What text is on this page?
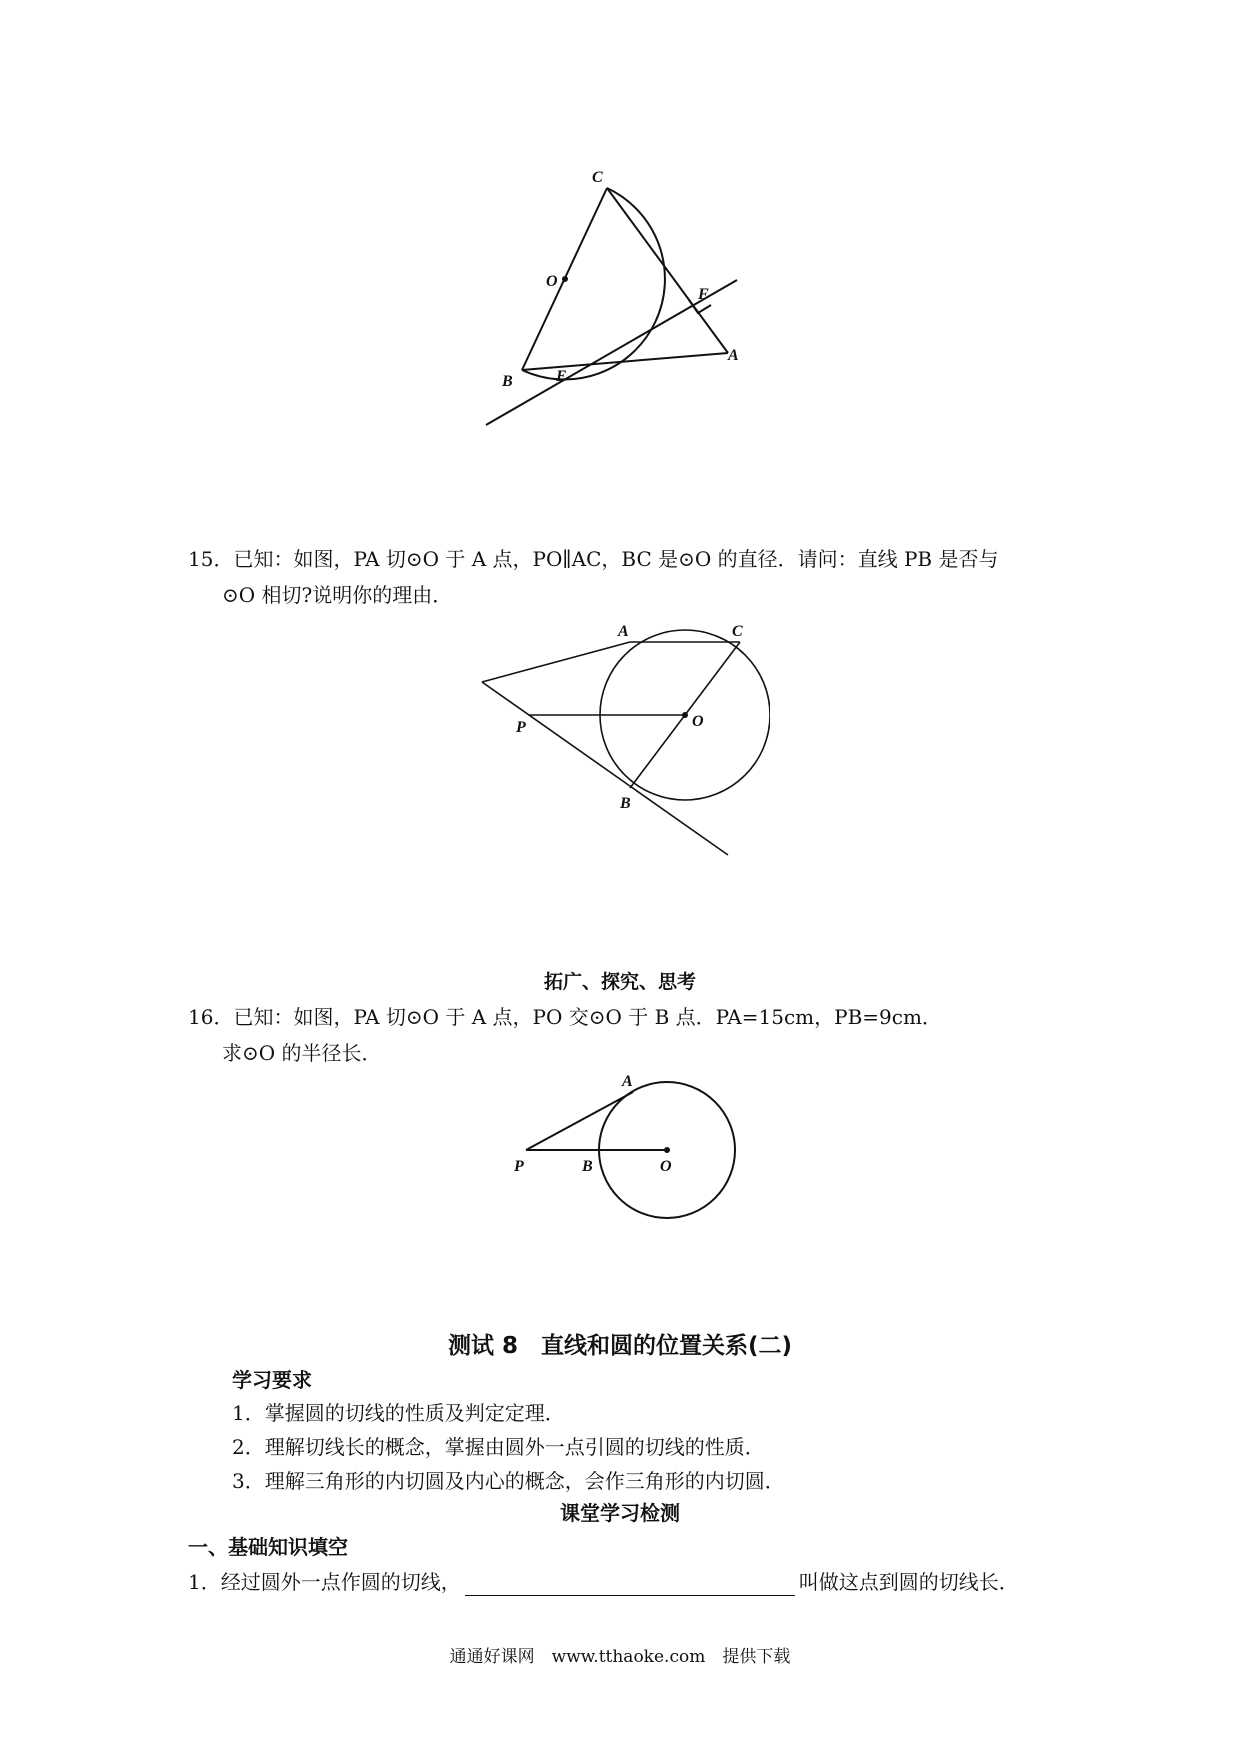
C
O
F
A
B	E
15．已知：如图，PA 切⊙O 于 A 点，PO∥AC，BC 是⊙O 的直径．请问：直线 PB 是否与
⊙O 相切?说明你的理由．
A	C
P	O
B
拓广、探究、思考
16．已知：如图，PA 切⊙O 于 A 点，PO 交⊙O 于 B 点．PA=15cm，PB=9cm．
求⊙O 的半径长．
A
P	B	O
测试 8　直线和圆的位置关系(二)
学习要求
1．掌握圆的切线的性质及判定定理．
2．理解切线长的概念，掌握由圆外一点引圆的切线的性质．
3．理解三角形的内切圆及内心的概念，会作三角形的内切圆．
课堂学习检测
一、基础知识填空
1．经过圆外一点作圆的切线，	叫做这点到圆的切线长．
通通好课网　www.tthaoke.com　提供下载
